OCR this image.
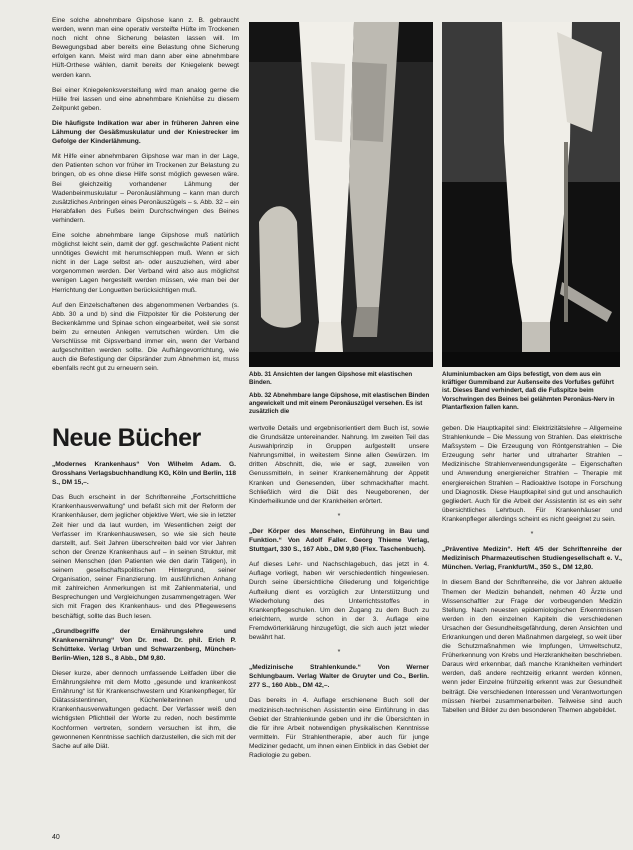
Eine solche abnehmbare Gipshose kann z. B. gebraucht werden, wenn man eine operativ versteifte Hüfte im Trockenen noch nicht ohne Sicherung belasten lassen will. Im Bewegungsbad aber bereits eine Belastung ohne Sicherung erfolgen kann. Meist wird man dann aber eine abnehmbare Hüft-Orthese wählen, damit bereits der Kniegelenk bewegt werden kann.

Bei einer Kniegelenksversteifung wird man analog gerne die Hülle frei lassen und eine abnehmbare Kniehülse zu diesem Zeitpunkt geben.

Die häufigste Indikation war aber in früheren Jahren eine Lähmung der Gesäßmuskulatur und der Kniestrecker im Gefolge der Kinderlähmung.

Mit Hilfe einer abnehmbaren Gipshose war man in der Lage, den Patienten schon vor früher im Trockenen zur Belastung zu bringen, ob es ohne diese Hilfe sonst möglich gewesen wäre. Bei gleichzeitig vorhandener Lähmung der Wadenbeinmuskulatur – Peronäuslähmung – kann man durch zusätzliches Anbringen eines Peronäuszügels – s. Abb. 32 – ein Herabfallen des Fußes beim Durchschwingen des Beines verhindern.

Eine solche abnehmbare lange Gipshose muß natürlich möglichst leicht sein, damit der ggf. geschwächte Patient nicht unnötiges Gewicht mit herumschleppen muß. Wenn er sich nicht in der Lage selbst an- oder auszuziehen, wird aber vorgenommen werden. Der Verband wird also aus möglichst wenigen Lagen hergestellt werden müssen, wie man bei der Herrichtung der Longuetten berücksichtigen muß.

Auf den Einzelschaftenen des abgenommenen Verbandes (s. Abb. 30 a und b) sind die Filzpolster für die Polsterung der Beckenkämme und Spinae schon eingearbeitet, weil sie sonst beim zu erneuten Anlegen verrutschen würden. Um die Verschlüsse mit Gipsverband immer ein, wenn der Verband aufgeschnitten werden sollte. Die Aufhängevorrichtung, wie auch die Befestigung der Gipsränder zum Abnehmen ist, muss ebenfalls recht gut zu erneuern sein.

Abb. 31 Ansichten der langen Gipshose mit elastischen Binden.
Abb. 32 Abnehmbare lange Gipshose, mit elastischen Binden angewickelt und mit einem Peronäuszügel versehen. Es ist zusätzlich die
Aluminiumbacken am Gips befestigt, von dem aus ein kräftiger Gummiband zur Außenseite des Vorfußes geführt ist. Dieses Band verhindert, daß die Fußspitze beim Vorschwingen des Beines bei gelähmten Peronäus-Nerv in Plantarflexion fallen kann.
Neue Bücher

„Modernes Krankenhaus“ Von Wilhelm Adam. G. Grosshans Verlagsbuchhandlung KG, Köln und Berlin, 118 S., DM 15,–.

Das Buch erscheint in der Schriftenreihe „Fortschrittliche Krankenhausverwaltung“ und befaßt sich mit der Reform der Krankenhäuser, dem jeglicher objektive Wert, wie sie in letzter Zeit hier und da laut wurden, im Wesentlichen zeigt der Verfasser im Krankenhauswesen, so wie sie sich heute darstellt, auf. Seit Jahren überschreiten bald vor vier Jahren schon der Grenze Krankenhaus auf – in seinen Struktur, mit seinen Menschen (den Patienten wie den darin Tätigen), in seinem gesellschaftspolitischen Hintergrund, seiner Organisation, seiner Finanzierung. Im ausführlichen Anhang mit zahlreichen Anmerkungen ist mit Zahlenmaterial, und Besprechungen und Vergleichungen zusammengetragen. Wer sich mit Fragen des Krankenhaus- und des Pflegewesens beschäftigt, sollte das Buch lesen.

„Grundbegriffe der Ernährungslehre und Krankenernährung“ Von Dr. med. Dr. phil. Erich P. Schütteke. Verlag Urban und Schwarzenberg, München-Berlin-Wien, 128 S., 8 Abb., DM 9,80.

Dieser kurze, aber dennoch umfassende Leitfaden über die Ernährungslehre mit dem Motto „gesunde und krankenkost Ernährung“ ist für Krankenschwestern und Krankenpfleger, für Diätassistentinnen, Küchenleiterinnen und Krankenhausverwaltungen gedacht. Der Verfasser weiß den wichtigsten Pflichtteil der Worte zu reden, noch bestimmte Kochformen vertreten, sondern versuchen ist ihm, die gewonnenen Kenntnisse sachlich darzustellen, die sich mit der Sache auf alle Diät.

wertvolle Details und ergebnisorientiert dem Buch ist, sowie die Grundsätze untereinander. Nahrung. Im zweiten Teil das Auswahlprinzip in Gruppen aufgestellt unsere Nahrungsmittel, in weitestem Sinne allen Gewürzen. Im dritten Abschnitt, die, wie er sagt, zuweilen von Genussmitteln, in seiner Krankenernährung der Appetit Kranken und Genesenden, über schmackhafter macht. Schließlich wird die Diät des Neugeborenen, der Kinderheilkunde und der Krankheiten erörtert.

*

„Der Körper des Menschen, Einführung in Bau und Funktion.“ Von Adolf Faller. Georg Thieme Verlag, Stuttgart, 330 S., 167 Abb., DM 9,80 (Flex. Taschenbuch).

Auf dieses Lehr- und Nachschlagebuch, das jetzt in 4. Auflage vorliegt, haben wir verschiedentlich hingewiesen. Durch seine übersichtliche Gliederung und folgerichtige Aufteilung dient es vorzüglich zur Unterstützung und Wiederholung des Unterrichtsstoffes in Krankenpflegeschulen. Um den Zugang zu dem Buch zu erleichtern, wurde schon in der 3. Auflage eine Fremdwörterklärung hinzugefügt, die sich auch jetzt wieder bewährt hat.

*

„Medizinische Strahlenkunde.“ Von Werner Schlungbaum. Verlag Walter de Gruyter und Co., Berlin. 277 S., 160 Abb., DM 42,–.

Das bereits in 4. Auflage erschienene Buch soll der medizinisch-technischen Assistentin eine Einführung in das Gebiet der Strahlenkunde geben und ihr die Übersichten in die für ihre Arbeit notwendigen physikalischen Kenntnisse vermitteln. Für Strahlentherapie, aber auch für junge Mediziner gedacht, um ihnen einen Einblick in das Gebiet der Radiologie zu geben.

geben. Die Hauptkapitel sind: Elektrizitätslehre – Allgemeine Strahlenkunde – Die Messung von Strahlen. Das elektrische Maßsystem – Die Erzeugung von Röntgenstrahlen – Die Erzeugung sehr harter und ultraharter Strahlen – Medizinische Strahlenverwendungsgeräte – Eigenschaften und Anwendung energiereicher Strahlen – Therapie mit energiereichen Strahlen – Radioaktive Isotope in Forschung und Diagnostik. Diese Hauptkapitel sind gut und anschaulich gegliedert. Auch für die Arbeit der Assistentin ist es ein sehr übersichtliches Lehrbuch. Für Krankenhäuser und Krankenpfleger allerdings scheint es nicht geeignet zu sein.

*

„Präventive Medizin“. Heft 4/5 der Schriftenreihe der Medizinisch Pharmazeutischen Studiengesellschaft e. V., München. Verlag, Frankfurt/M., 350 S., DM 12,80.

In diesem Band der Schriftenreihe, die vor Jahren aktuelle Themen der Medizin behandelt, nehmen 40 Ärzte und Wissenschaftler zur Frage der vorbeugenden Medizin Stellung. Nach neuesten epidemiologischen Erkenntnissen werden in den einzelnen Kapiteln die verschiedenen Ursachen der Gesundheitsgefährdung, deren Ansichten und Erkrankungen und deren Maßnahmen dargelegt, so weit über die Schutzmaßnahmen wie Impfungen, Umweltschutz, Früherkennung von Krebs und Herzkrankheiten beschrieben. Daraus wird erkennbar, daß manche Krankheiten verhindert werden, daß andere rechtzeitig erkannt werden können, wenn jeder Einzelne frühzeitig erkennt was zur Gesundheit beiträgt. Die verschiedenen Interessen und Verantwortungen müssen hierbei zusammenarbeiten. Teilweise sind auch Tabellen und Bilder zu den besonderen Themen abgebildet.

40
